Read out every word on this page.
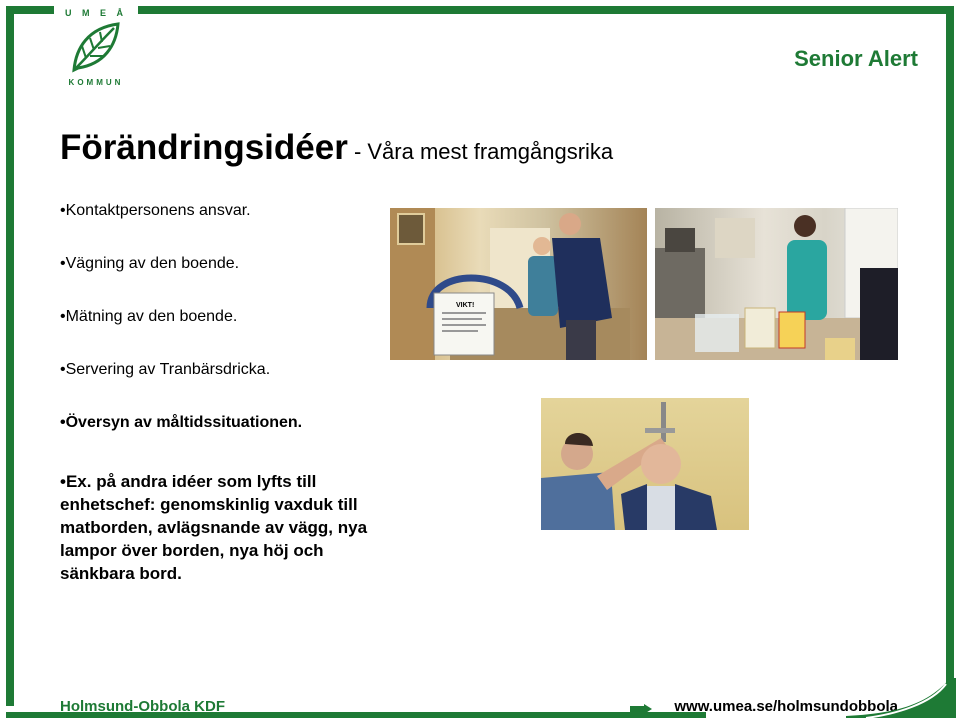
U M E Å
KOMMUN
Senior Alert
Förändringsidéer - Våra mest framgångsrika
•Kontaktpersonens ansvar.
•Vägning av den boende.
•Mätning av den boende.
•Servering av Tranbärsdricka.
•Översyn av måltidssituationen.
•Ex. på andra idéer som lyfts till enhetschef: genomskinlig vaxduk till matborden, avlägsnande av vägg, nya lampor över borden, nya höj och sänkbara bord.
VIKT!
Holmsund-Obbola KDF	www.umea.se/holmsundobbola
